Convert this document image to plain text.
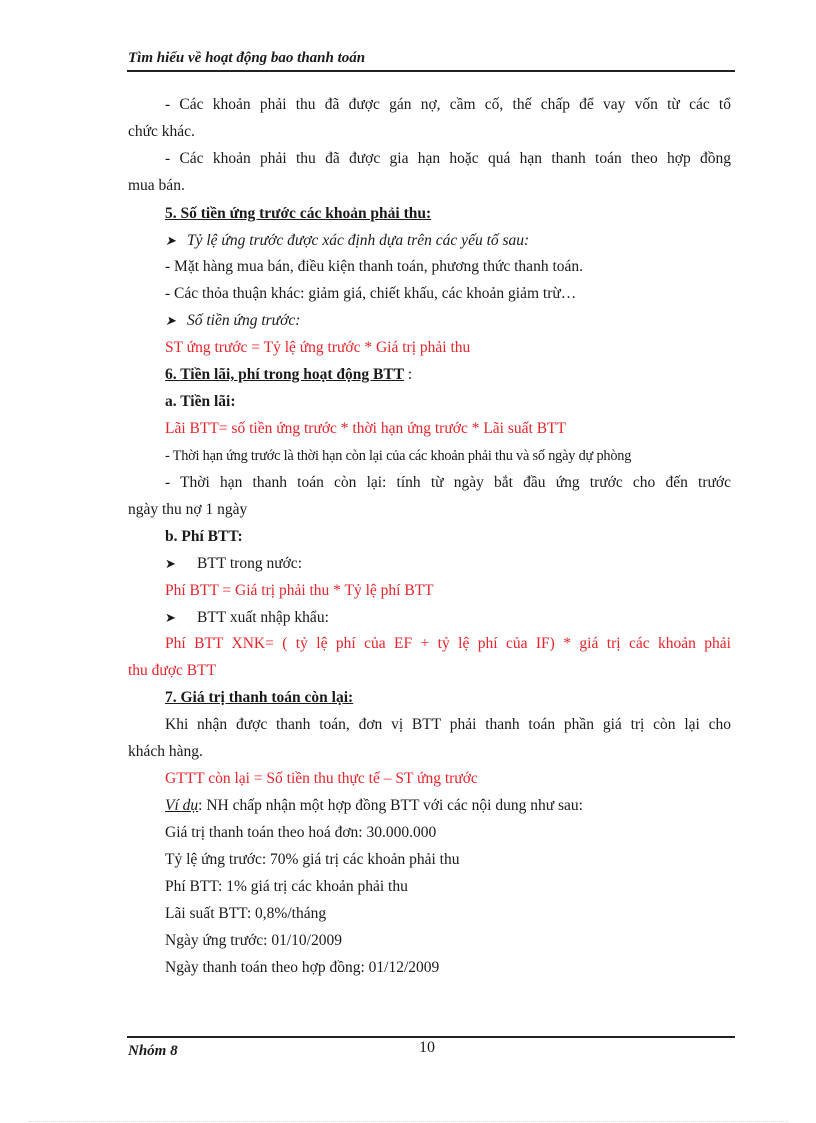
Tìm hiểu về hoạt động bao thanh toán
- Các khoản phải thu đã được gán nợ, cầm cố, thế chấp để vay vốn từ các tổ
chức khác.
- Các khoản phải thu đã được gia hạn hoặc quá hạn thanh toán theo hợp đồng
mua bán.
5. Số tiền ứng trước các khoản phải thu:
➤ Tỷ lệ ứng trước được xác định dựa trên các yếu tố sau:
- Mặt hàng mua bán, điều kiện thanh toán, phương thức thanh toán.
- Các thỏa thuận khác: giảm giá, chiết khấu, các khoản giảm trừ…
➤ Số tiền ứng trước:
ST ứng trước = Tỷ lệ ứng trước * Giá trị phải thu
6. Tiền lãi, phí trong hoạt động BTT :
a. Tiền lãi:
Lãi BTT= số tiền ứng trước * thời hạn ứng trước * Lãi suất BTT
- Thời hạn ứng trước là thời hạn còn lại của các khoản phải thu và số ngày dự phòng
- Thời hạn thanh toán còn lại: tính từ ngày bắt đầu ứng trước cho đến trước
ngày thu nợ 1 ngày
b. Phí BTT:
➤ BTT trong nước:
Phí BTT = Giá trị phải thu * Tỷ lệ phí BTT
➤ BTT xuất nhập khẩu:
Phí BTT XNK= ( tỷ lệ phí của EF + tỷ lệ phí của IF) * giá trị các khoản phải
thu được BTT
7. Giá trị thanh toán còn lại:
Khi nhận được thanh toán, đơn vị BTT phải thanh toán phần giá trị còn lại cho
khách hàng.
GTTT còn lại = Số tiền thu thực tế – ST ứng trước
Ví dụ: NH chấp nhận một hợp đồng BTT với các nội dung như sau:
Giá trị thanh toán theo hoá đơn: 30.000.000
Tỷ lệ ứng trước: 70% giá trị các khoản phải thu
Phí BTT: 1% giá trị các khoản phải thu
Lãi suất BTT: 0,8%/tháng
Ngày ứng trước: 01/10/2009
Ngày thanh toán theo hợp đồng: 01/12/2009
Nhóm 8	10
